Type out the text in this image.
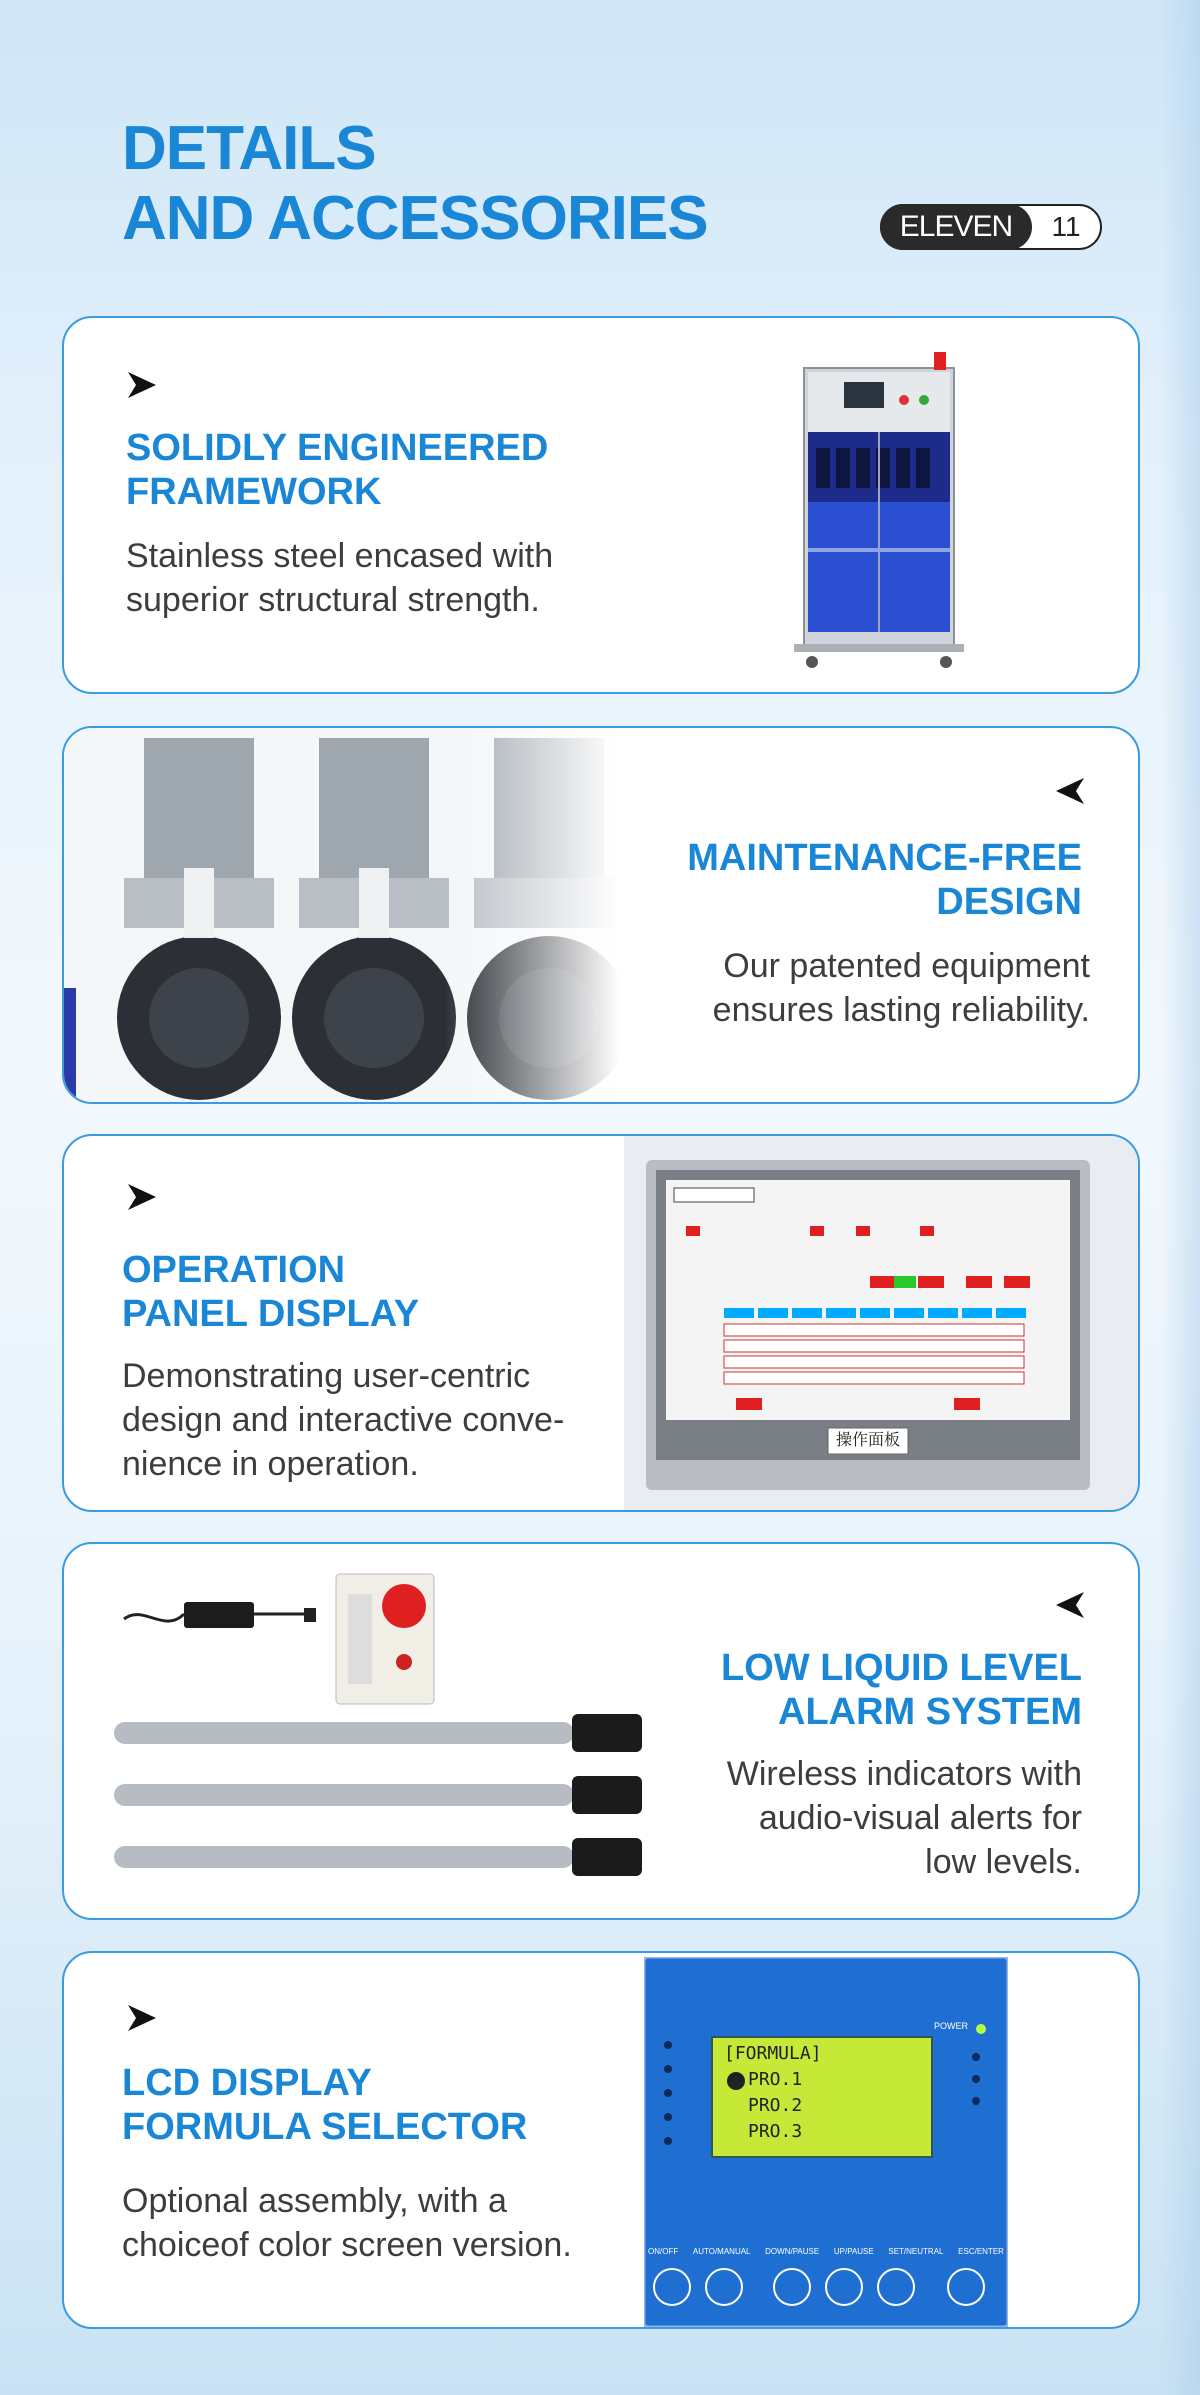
DETAILS
AND ACCESSORIES	ELEVEN	11
SOLIDLY ENGINEERED
FRAMEWORK
Stainless steel encased with
superior structural strength.
MAINTENANCE-FREE
DESIGN
Our patented equipment
ensures lasting reliability.
OPERATION
PANEL DISPLAY
Demonstrating user-centric
design and interactive conve-
nience in operation.
操作面板
LOW LIQUID LEVEL
ALARM SYSTEM
Wireless indicators with
audio-visual alerts for
low levels.
LCD DISPLAY
FORMULA SELECTOR
Optional assembly, with a
choiceof color screen version.
[FORMULA]
PRO.1
PRO.2
PRO.3
POWER
ON/OFF AUTO/MANUAL DOWN/PAUSE UP/PAUSE SET/NEUTRAL ESC/ENTER
